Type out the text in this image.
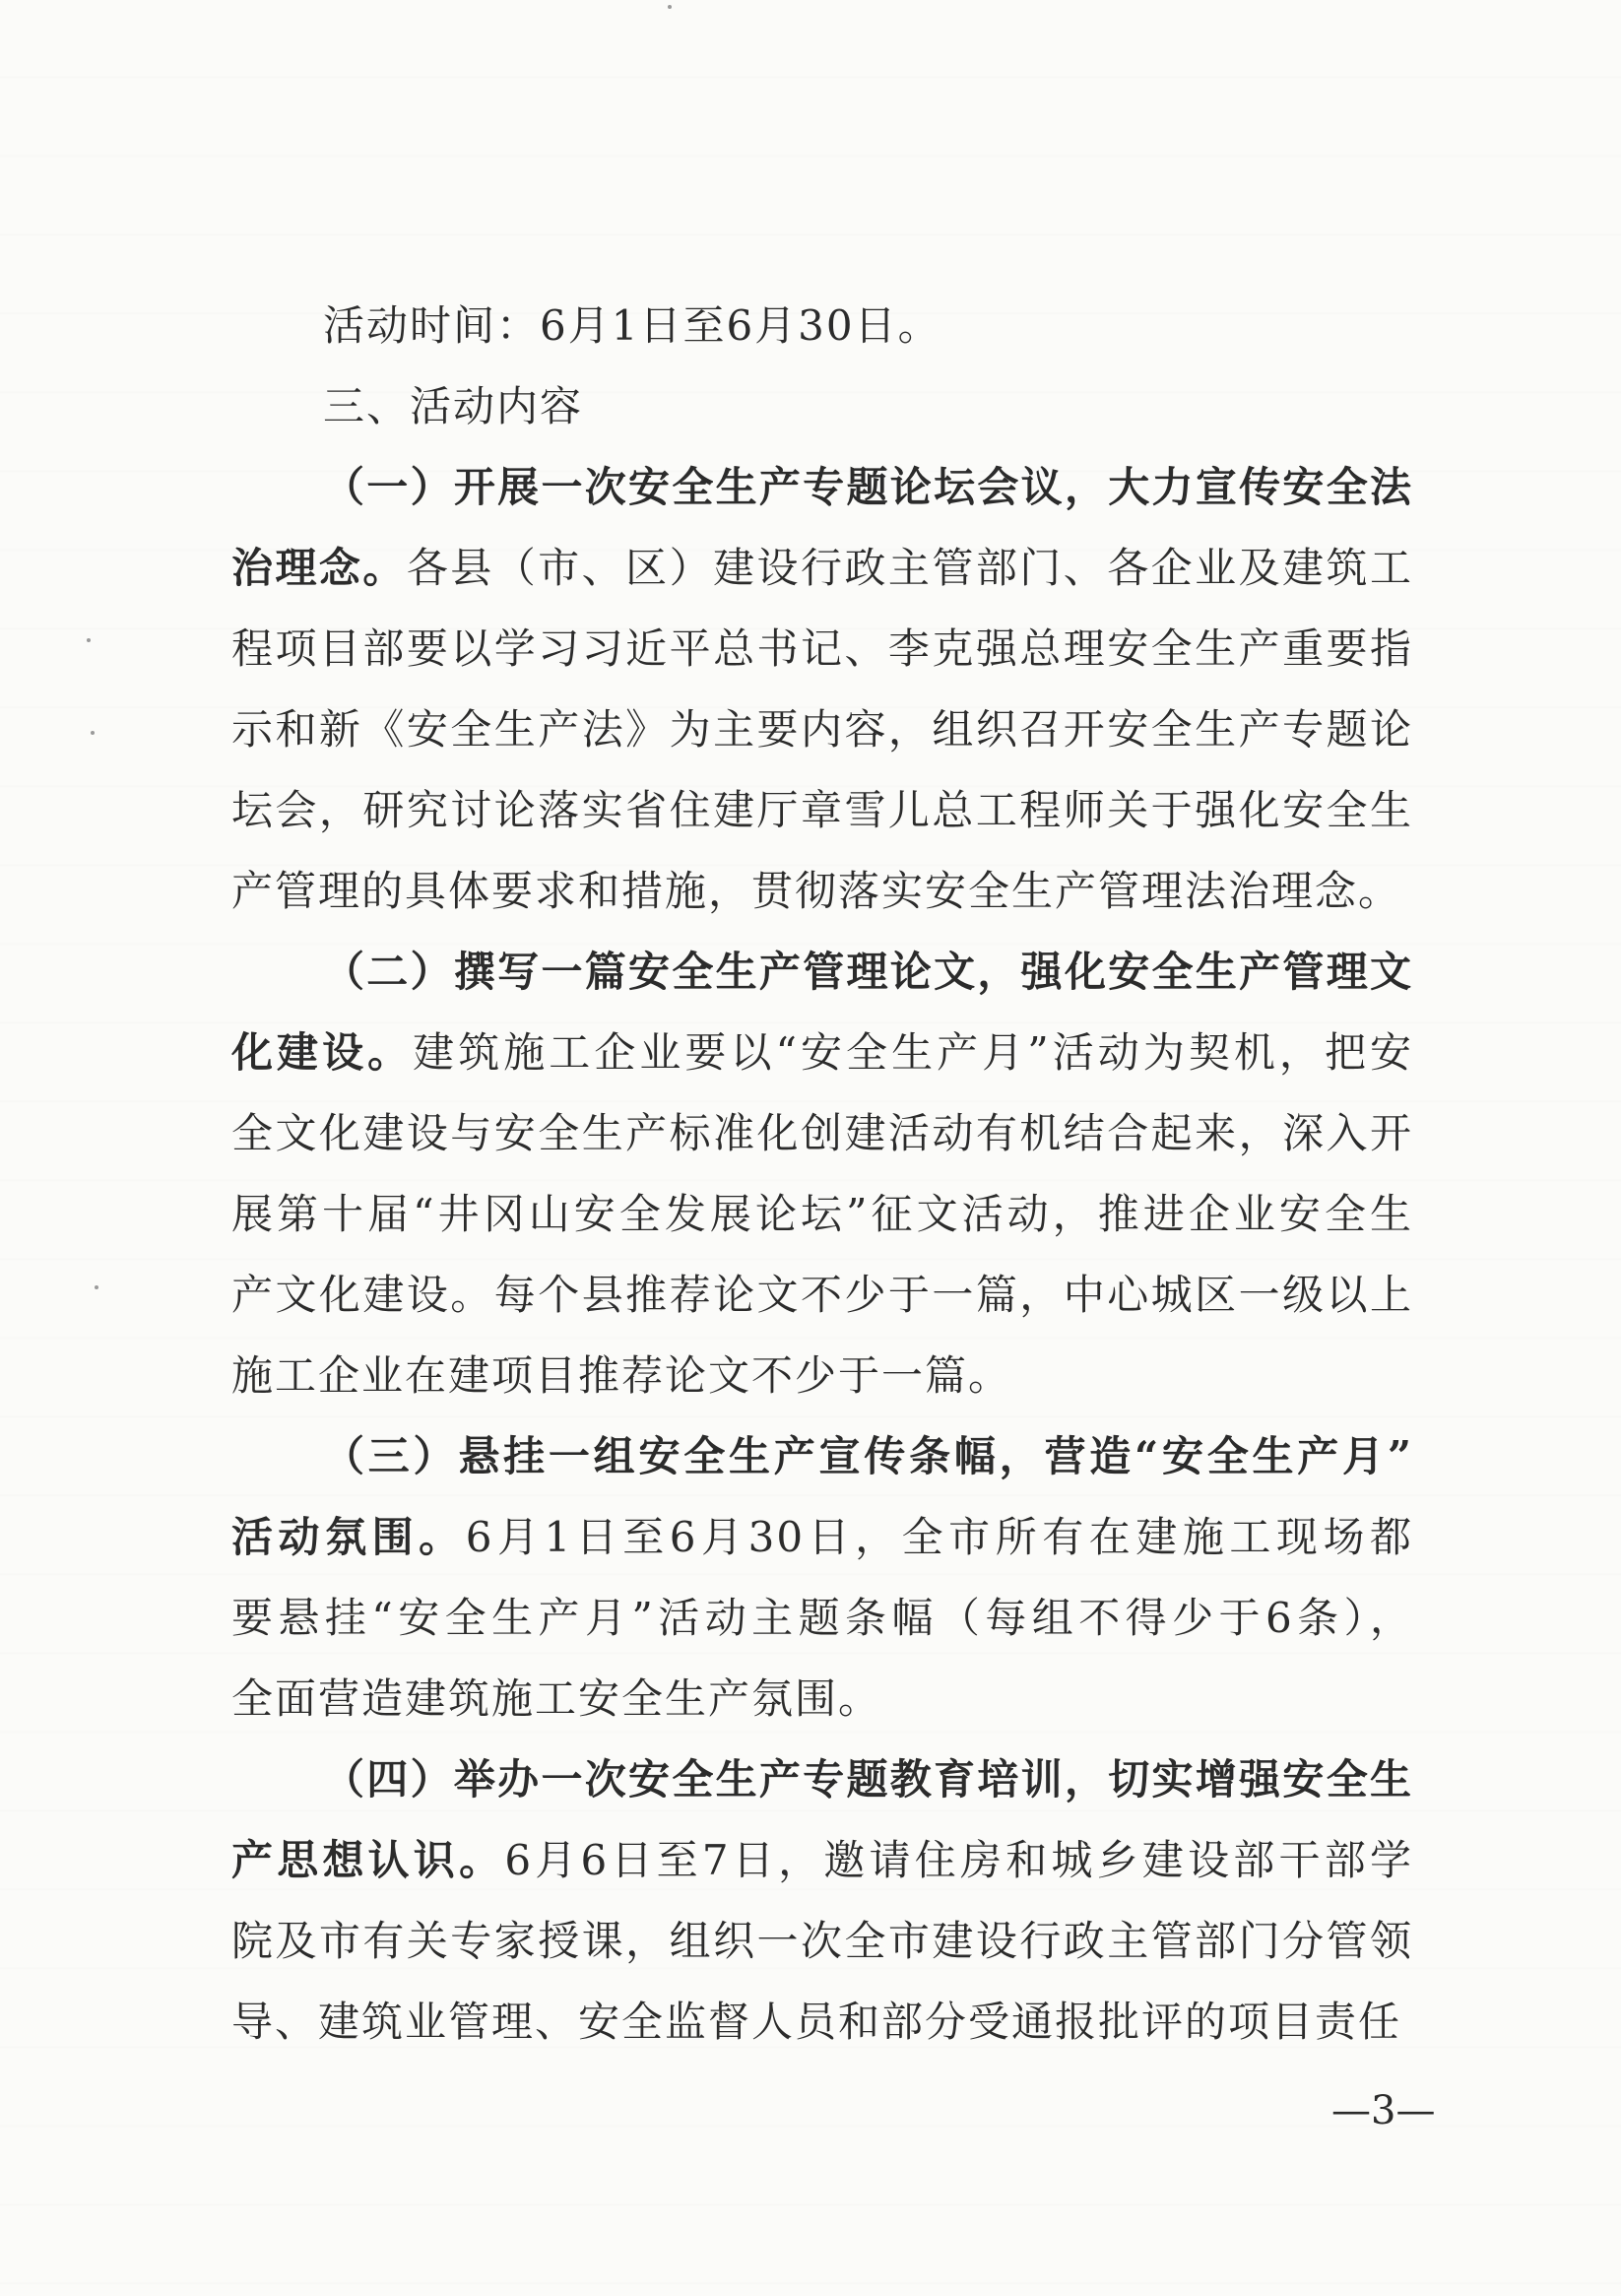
活动时间：6月1日至6月30日。
三、活动内容
（一）开展一次安全生产专题论坛会议，大力宣传安全法
治理念。各县（市、区）建设行政主管部门、各企业及建筑工
程项目部要以学习习近平总书记、李克强总理安全生产重要指
示和新《安全生产法》为主要内容，组织召开安全生产专题论
坛会，研究讨论落实省住建厅章雪儿总工程师关于强化安全生
产管理的具体要求和措施，贯彻落实安全生产管理法治理念。
（二）撰写一篇安全生产管理论文，强化安全生产管理文
化建设。建筑施工企业要以“安全生产月”活动为契机，把安
全文化建设与安全生产标准化创建活动有机结合起来，深入开
展第十届“井冈山安全发展论坛”征文活动，推进企业安全生
产文化建设。每个县推荐论文不少于一篇，中心城区一级以上
施工企业在建项目推荐论文不少于一篇。
（三）悬挂一组安全生产宣传条幅，营造“安全生产月”
活动氛围。6月1日至6月30日，全市所有在建施工现场都
要悬挂“安全生产月”活动主题条幅（每组不得少于6条），
全面营造建筑施工安全生产氛围。
（四）举办一次安全生产专题教育培训，切实增强安全生
产思想认识。6月6日至7日，邀请住房和城乡建设部干部学
院及市有关专家授课，组织一次全市建设行政主管部门分管领
导、建筑业管理、安全监督人员和部分受通报批评的项目责任
—3—
